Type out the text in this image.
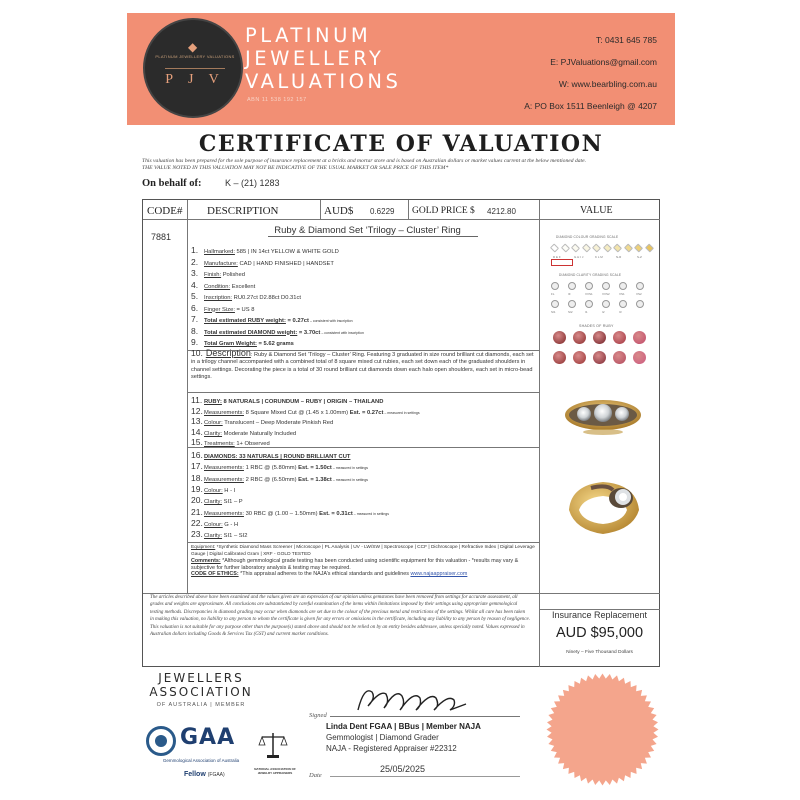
◆
PLATINUM JEWELLERY VALUATIONS
P J V
PLATINUM
JEWELLERY
VALUATIONS
ABN 11 538 192 157
T: 0431 645 785
E: PJValuations@gmail.com
W: www.bearbling.com.au
A: PO Box 1511 Beenleigh @ 4207
CERTIFICATE OF VALUATION
This valuation has been prepared for the sole purpose of insurance replacement at a bricks and mortar store and is based on Australian dollars or market values current at the below mentioned date.
THE VALUE NOTED IN THIS VALUATION MAY NOT BE INDICATIVE OF THE USUAL MARKET OR SALE PRICE OF THIS ITEM*
On behalf of:	K – (21) 1283
CODE# DESCRIPTION	AUD$ 0.6229 GOLD PRICE $ 4212.80	VALUE
7881
Ruby & Diamond Set ‘Trilogy – Cluster’ Ring
1. Hallmarked: 585 | IN 14ct YELLOW & WHITE GOLD
2. Manufacture: CAD | HAND FINISHED | HANDSET
3. Finish: Polished
4. Condition: Excellent
5. Inscription: RU0.27ct D2.88ct D0.31ct
6. Finger Size: = US 8
7. Total estimated RUBY weight: = 0.27ct – consistent with inscription
8. Total estimated DIAMOND weight: = 3.70ct – consistent with inscription
9. Total Gram Weight: = 5.62 grams
11. RUBY: 8 NATURALS | CORUNDUM – RUBY | ORIGIN – THAILAND
12.Measurements: 8 Square Mixed Cut @ (1.45 x 1.00mm) Est. = 0.27ct – measured in settings
13.Colour: Translucent – Deep Moderate Pinkish Red
14.Clarity: Moderate Naturally Included
15.Treatments: 1+ Observed
16.DIAMONDS: 33 NATURALS | ROUND BRILLIANT CUT
17.Measurements: 1 RBC @ (5.80mm) Est. = 1.50ct – measured in settings
18.Measurements: 2 RBC @ (6.50mm) Est. = 1.38ct – measured in settings
19.Colour: H - I
20.Clarity: SI1 – P
21.Measurements: 30 RBC @ (1.00 – 1.50mm) Est. = 0.31ct – measured in settings
22.Colour: G - H
23.Clarity: SI1 – SI2
10. Description: Ruby & Diamond Set ‘Trilogy – Cluster’ Ring. Featuring 3 graduated in size round brilliant cut diamonds, each set in a trilogy channel accompanied with a combined total of 8 square mixed cut rubies, each set down each of the graduated shoulders in channel settings. Decorating the piece is a total of 30 round brilliant cut diamonds down each halo open shoulders, each set in micro-bead settings.
Equipment: *Synthetic Diamond Mass Screener | Microscope | PL Analysis | UV - LW/SW | Spectroscope | CCF | Dichroscope | Refractive Index | Digital Leverage Gauge | Digital Calibrated Gram | XRF - GOLD TESTED
Comments: *Although gemmological grade testing has been conducted using scientific equipment for this valuation - *results may vary & subjective for further laboratory analysis & testing may be required.
CODE OF ETHICS: *This appraisal adheres to the NAJA’s ethical standards and guidelines www.najaappraiser.com
DIAMOND COLOUR GRADING SCALE
D E F	G H I J	K L M	N-R	S-Z
DIAMOND CLARITY GRADING SCALE
FL	IF	VVS1	VVS2	VS1	VS2
SI1	SI2	I1	I2	I3
SHADES OF RUBY
Insurance Replacement
AUD $95,000
Ninety – Five Thousand Dollars
The articles described above have been examined and the values given are an expression of our opinion unless gemstones have been removed from settings for accurate assessment, all grades and weights are approximate. All conclusions are substantiated by careful examination of the items within limitations imposed by their settings using appropriate gemmological testing methods. Discrepancies in diamond grading may occur when diamonds are set due to the colour of the precious metal and restrictions of the settings. Whilst all care has been taken in making this valuation, no liability to any person to whom the certificate is given for any errors or omissions in the certificate, including any liability to any person by reason of negligence. This valuation is not suitable for any purpose other than the purpose(s) stated above and should not be relied on by an entity besides addressee, unless specially noted. Values expressed in Australian dollars including Goods & Services Tax (GST) and current market conditions.
JEWELLERS
ASSOCIATION
OF AUSTRALIA | MEMBER
GAA
Gemmological Association of Australia
Fellow (FGAA)
NATIONAL ASSOCIATION OF JEWELRY APPRAISERS
Signed
Linda Dent FGAA | BBus | Member NAJA
Gemmologist | Diamond Grader
NAJA - Registered Appraiser #22312
Date
25/05/2025
